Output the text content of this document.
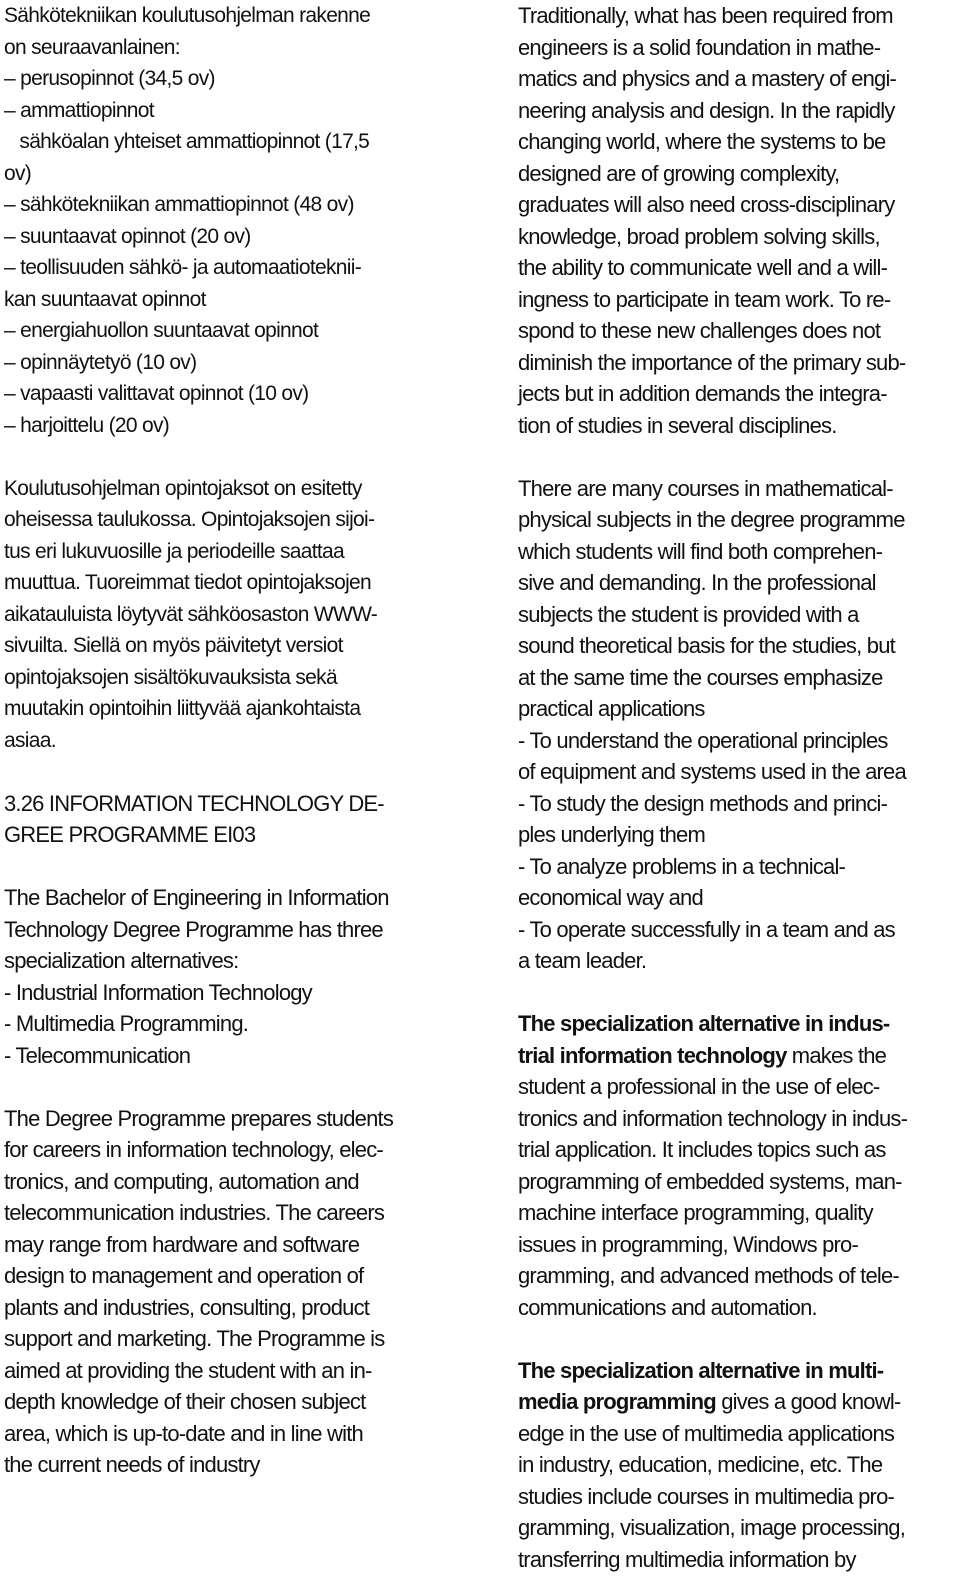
Sähkötekniikan koulutusohjelman rakenne

on seuraavanlainen:

– perusopinnot (34,5 ov)

– ammattiopinnot

sähköalan yhteiset ammattiopinnot (17,5

ov)

– sähkötekniikan ammattiopinnot (48 ov)

– suuntaavat opinnot (20 ov)

– teollisuuden sähkö- ja automaatioteknii-

kan suuntaavat opinnot

– energiahuollon suuntaavat opinnot

– opinnäytetyö (10 ov)

– vapaasti valittavat opinnot (10 ov)

– harjoittelu (20 ov)

Koulutusohjelman opintojaksot on esitetty

oheisessa taulukossa. Opintojaksojen sijoi-

tus eri lukuvuosille ja periodeille saattaa

muuttua. Tuoreimmat tiedot opintojaksojen

aikatauluista löytyvät sähköosaston WWW-

sivuilta. Siellä on myös päivitetyt versiot

opintojaksojen sisältökuvauksista sekä

muutakin opintoihin liittyvää ajankohtaista

asiaa.

3.26 INFORMATION TECHNOLOGY DE-

GREE PROGRAMME EI03

The Bachelor of Engineering in Information

Technology Degree Programme has three

specialization alternatives:

- Industrial Information Technology

- Multimedia Programming.

- Telecommunication

The Degree Programme prepares students

for careers in information technology, elec-

tronics, and computing, automation and

telecommunication industries. The careers

may range from hardware and software

design to management and operation of

plants and industries, consulting, product

support and marketing. The Programme is

aimed at providing the student with an in-

depth knowledge of their chosen subject

area, which is up-to-date and in line with

the current needs of industry

Traditionally, what has been required from

engineers is a solid foundation in mathe-

matics and physics and a mastery of engi-

neering analysis and design. In the rapidly

changing world, where the systems to be

designed are of growing complexity,

graduates will also need cross-disciplinary

knowledge, broad problem solving skills,

the ability to communicate well and a will-

ingness to participate in team work. To re-

spond to these new challenges does not

diminish the importance of the primary sub-

jects but in addition demands the integra-

tion of studies in several disciplines.

There are many courses in mathematical-

physical subjects in the degree programme

which students will find both comprehen-

sive and demanding. In the professional

subjects the student is provided with a

sound theoretical basis for the studies, but

at the same time the courses emphasize

practical applications

- To understand the operational principles

of equipment and systems used in the area

- To study the design methods and princi-

ples underlying them

- To analyze problems in a technical-

economical way and

- To operate successfully in a team and as

a team leader.

The specialization alternative in indus-

trial information technology makes the

student a professional in the use of elec-

tronics and information technology in indus-

trial application. It includes topics such as

programming of embedded systems, man-

machine interface programming, quality

issues in programming, Windows pro-

gramming, and advanced methods of tele-

communications and automation.

The specialization alternative in multi-

media programming gives a good knowl-

edge in the use of multimedia applications

in industry, education, medicine, etc. The

studies include courses in multimedia pro-

gramming, visualization, image processing,

transferring multimedia information by
